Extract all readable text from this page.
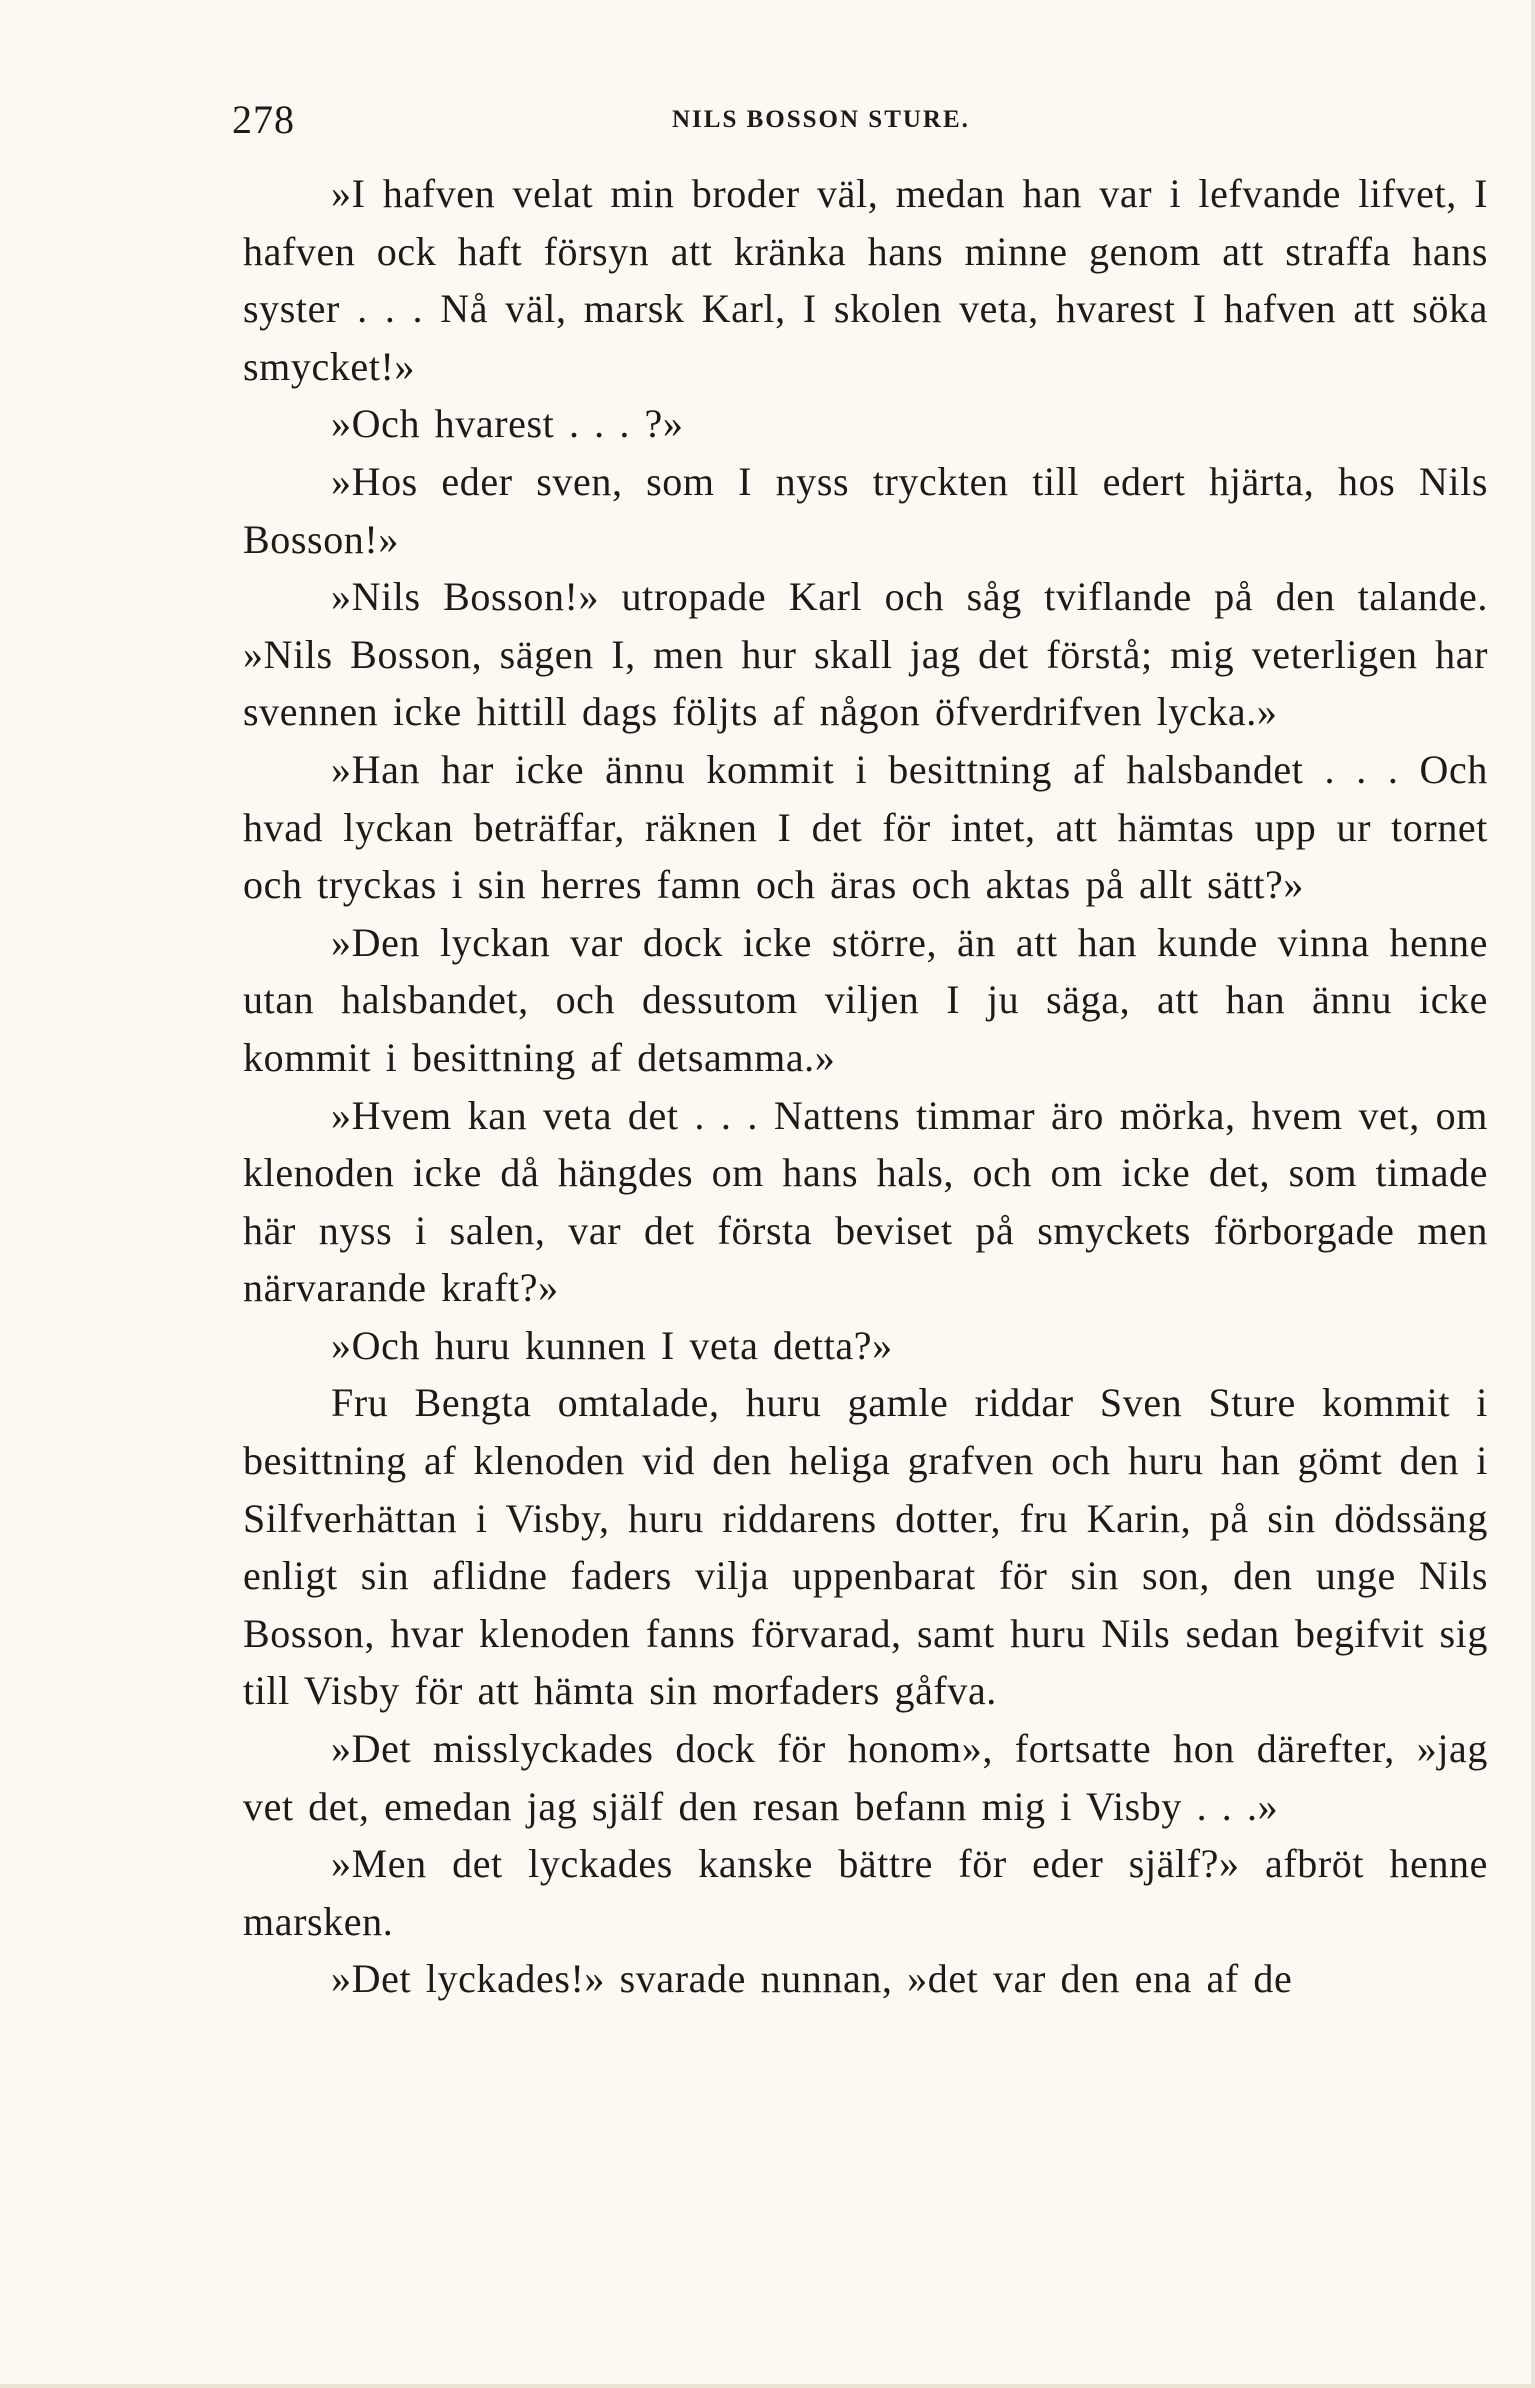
278	NILS BOSSON STURE.

»I hafven velat min broder väl, medan han var i lefvande lifvet, I hafven ock haft försyn att kränka hans minne genom att straffa hans syster . . . Nå väl, marsk Karl, I skolen veta, hvarest I hafven att söka smycket!»

»Och hvarest . . . ?»

»Hos eder sven, som I nyss tryckten till edert hjärta, hos Nils Bosson!»

»Nils Bosson!» utropade Karl och såg tviflande på den talande. »Nils Bosson, sägen I, men hur skall jag det förstå; mig veterligen har svennen icke hittill dags följts af någon öfverdrifven lycka.»

»Han har icke ännu kommit i besittning af halsbandet . . . Och hvad lyckan beträffar, räknen I det för intet, att hämtas upp ur tornet och tryckas i sin herres famn och äras och aktas på allt sätt?»

»Den lyckan var dock icke större, än att han kunde vinna henne utan halsbandet, och dessutom viljen I ju säga, att han ännu icke kommit i besittning af detsamma.»

»Hvem kan veta det . . . Nattens timmar äro mörka, hvem vet, om klenoden icke då hängdes om hans hals, och om icke det, som timade här nyss i salen, var det första beviset på smyckets förborgade men närvarande kraft?»

»Och huru kunnen I veta detta?»

Fru Bengta omtalade, huru gamle riddar Sven Sture kommit i besittning af klenoden vid den heliga grafven och huru han gömt den i Silfverhättan i Visby, huru riddarens dotter, fru Karin, på sin dödssäng enligt sin aflidne faders vilja uppenbarat för sin son, den unge Nils Bosson, hvar klenoden fanns förvarad, samt huru Nils sedan begifvit sig till Visby för att hämta sin morfaders gåfva.

»Det misslyckades dock för honom», fortsatte hon därefter, »jag vet det, emedan jag själf den resan befann mig i Visby . . .»

»Men det lyckades kanske bättre för eder själf?» afbröt henne marsken.

»Det lyckades!» svarade nunnan, »det var den ena af de
